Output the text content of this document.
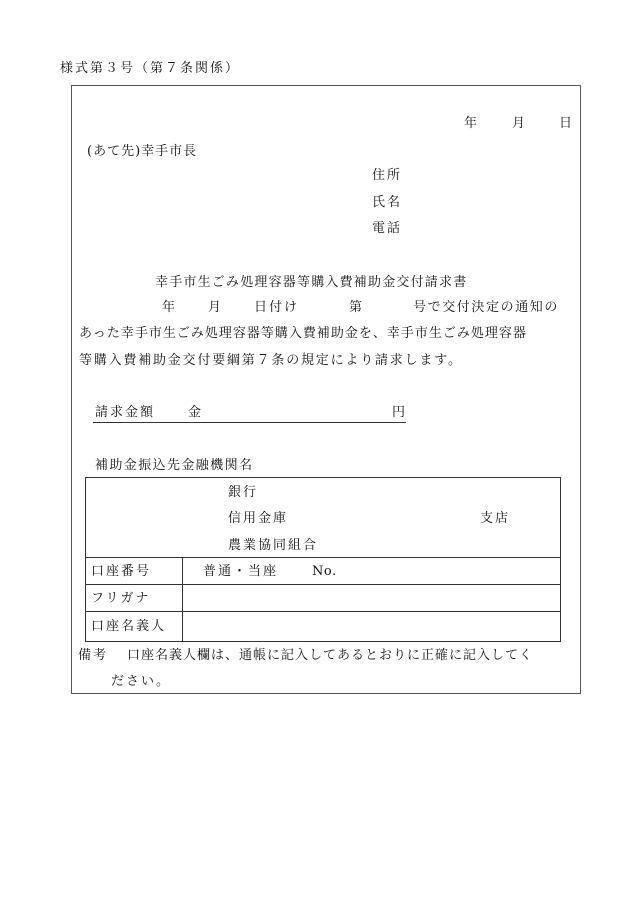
様式第３号（第７条関係）
年	月 日
(あて先)幸手市長
住所
氏名
電話
幸手市生ごみ処理容器等購入費補助金交付請求書
年 月 日付け	第	号で交付決定の通知の
あった幸手市生ごみ処理容器等購入費補助金を、幸手市生ごみ処理容器
等購入費補助金交付要綱第７条の規定により請求します。
請求金額	金	円
補助金振込先金融機関名
銀行
信用金庫
農業協同組合
支店
口座番号	普通・当座	No.
フリガナ
口座名義人
備考 口座名義人欄は、通帳に記入してあるとおりに正確に記入してく
ださい。
